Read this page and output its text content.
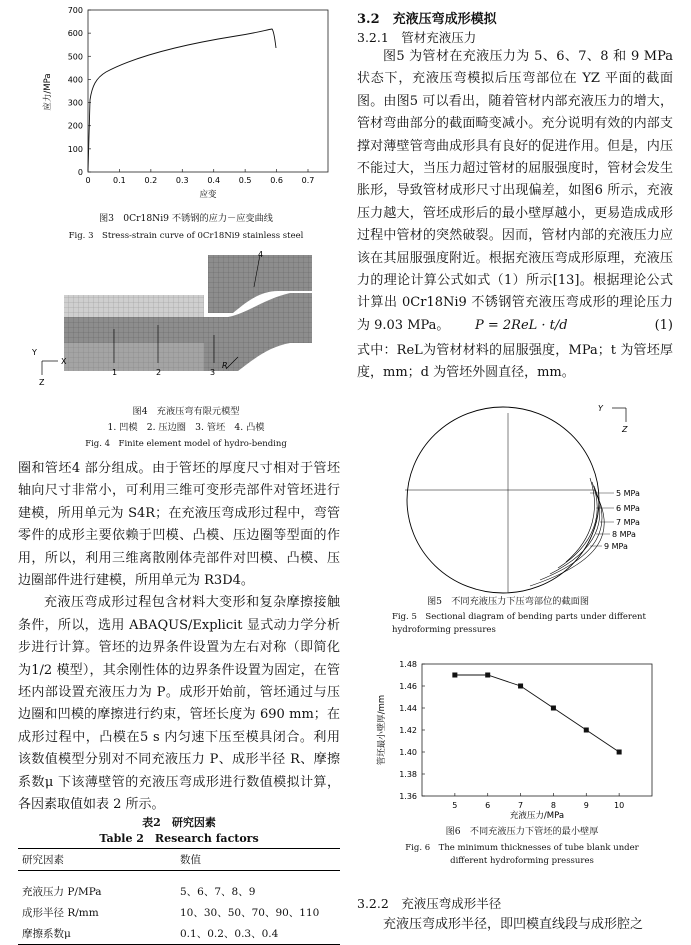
0
100
200
300
400
500
600
700
0	0.1 0.2 0.3 0.4 0.5 0.6 0.7
应力/MPa
应变
图3　0Cr18Ni9 不锈钢的应力－应变曲线
Fig. 3　Stress-strain curve of 0Cr18Ni9 stainless steel
1	2	3
4
R
Y
X
Z
图4　充液压弯有限元模型
1. 凹模　2. 压边圈　3. 管坯　4. 凸模
Fig. 4　Finite element model of hydro-bending

圈和管坯4 部分组成。由于管坯的厚度尺寸相对于管坯轴向尺寸非常小，可利用三维可变形壳部件对管坯进行建模，所用单元为 S4R；在充液压弯成形过程中，弯管零件的成形主要依赖于凹模、凸模、压边圈等型面的作用，所以，利用三维离散刚体壳部件对凹模、凸模、压边圈部件进行建模，所用单元为 R3D4。

充液压弯成形过程包含材料大变形和复杂摩擦接触条件，所以，选用 ABAQUS/Explicit 显式动力学分析步进行计算。管坯的边界条件设置为左右对称（即简化为1/2 模型），其余刚性体的边界条件设置为固定，在管坯内部设置充液压力为 P。成形开始前，管坯通过与压边圈和凹模的摩擦进行约束，管坯长度为 690 mm；在成形过程中，凸模在5 s 内匀速下压至模具闭合。利用该数值模型分别对不同充液压力 P、成形半径 R、摩擦系数μ 下该薄壁管的充液压弯成形进行数值模拟计算，各因素取值如表 2 所示。

表2　研究因素
Table 2　Research factors
研究因素	数值

充液压力 P/MPa	5、6、7、8、9
成形半径 R/mm	10、30、50、70、90、110
摩擦系数μ	0.1、0.2、0.3、0.4
3.2　充液压弯成形模拟
3.2.1　管材充液压力

图5 为管材在充液压力为 5、6、7、8 和 9 MPa 状态下，充液压弯模拟后压弯部位在 YZ 平面的截面图。由图5 可以看出，随着管材内部充液压力的增大，管材弯曲部分的截面畸变减小。充分说明有效的内部支撑对薄壁管弯曲成形具有良好的促进作用。但是，内压不能过大，当压力超过管材的屈服强度时，管材会发生胀形，导致管材成形尺寸出现偏差，如图6 所示，充液压力越大，管坯成形后的最小壁厚越小，更易造成成形过程中管材的突然破裂。因而，管材内部的充液压力应该在其屈服强度附近。根据充液压弯成形原理，充液压力的理论计算公式如式（1）所示[13]。根据理论公式计算出 0Cr18Ni9 不锈钢管充液压弯成形的理论压力为 9.03 MPa。	P = 2ReL · t/d	(1)

式中：ReL为管材材料的屈服强度，MPa；t 为管坯厚度，mm；d 为管坯外圆直径，mm。

5 MPa
6 MPa
7 MPa
8 MPa
9 MPa
Y
Z
图5　不同充液压力下压弯部位的截面图
Fig. 5　Sectional diagram of bending parts under different hydroforming pressures
1.36
1.38
1.40
1.42
1.44
1.46
1.48
5	6	7	8	9	10
管坯最小壁厚/mm
充液压力/MPa
图6　不同充液压力下管坯的最小壁厚
Fig. 6　The minimum thicknesses of tube blank under different hydroforming pressures
3.2.2　充液压弯成形半径

充液压弯成形半径，即凹模直线段与成形腔之
